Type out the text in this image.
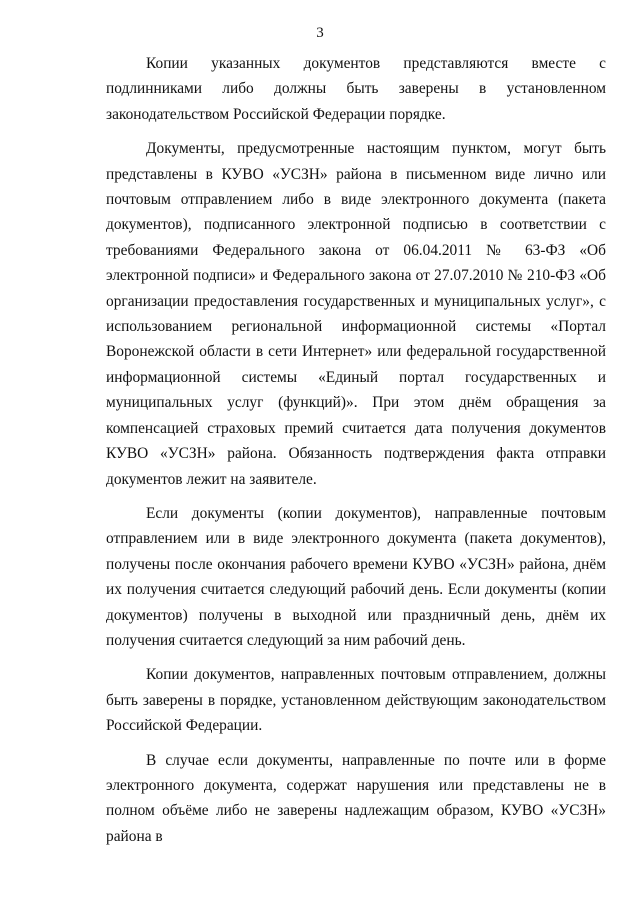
3

Копии указанных документов представляются вместе с подлинниками либо должны быть заверены в установленном законодательством Российской Федерации порядке.

Документы, предусмотренные настоящим пунктом, могут быть представлены в КУВО «УСЗН» района в письменном виде лично или почтовым отправлением либо в виде электронного документа (пакета документов), подписанного электронной подписью в соответствии с требованиями Федерального закона от 06.04.2011 № 63-ФЗ «Об электронной подписи» и Федерального закона от 27.07.2010 № 210-ФЗ «Об организации предоставления государственных и муниципальных услуг», с использованием региональной информационной системы «Портал Воронежской области в сети Интернет» или федеральной государственной информационной системы «Единый портал государственных и муниципальных услуг (функций)». При этом днём обращения за компенсацией страховых премий считается дата получения документов КУВО «УСЗН» района. Обязанность подтверждения факта отправки документов лежит на заявителе.

Если документы (копии документов), направленные почтовым отправлением или в виде электронного документа (пакета документов), получены после окончания рабочего времени КУВО «УСЗН» района, днём их получения считается следующий рабочий день. Если документы (копии документов) получены в выходной или праздничный день, днём их получения считается следующий за ним рабочий день.

Копии документов, направленных почтовым отправлением, должны быть заверены в порядке, установленном действующим законодательством Российской Федерации.

В случае если документы, направленные по почте или в форме электронного документа, содержат нарушения или представлены не в полном объёме либо не заверены надлежащим образом, КУВО «УСЗН» района в
